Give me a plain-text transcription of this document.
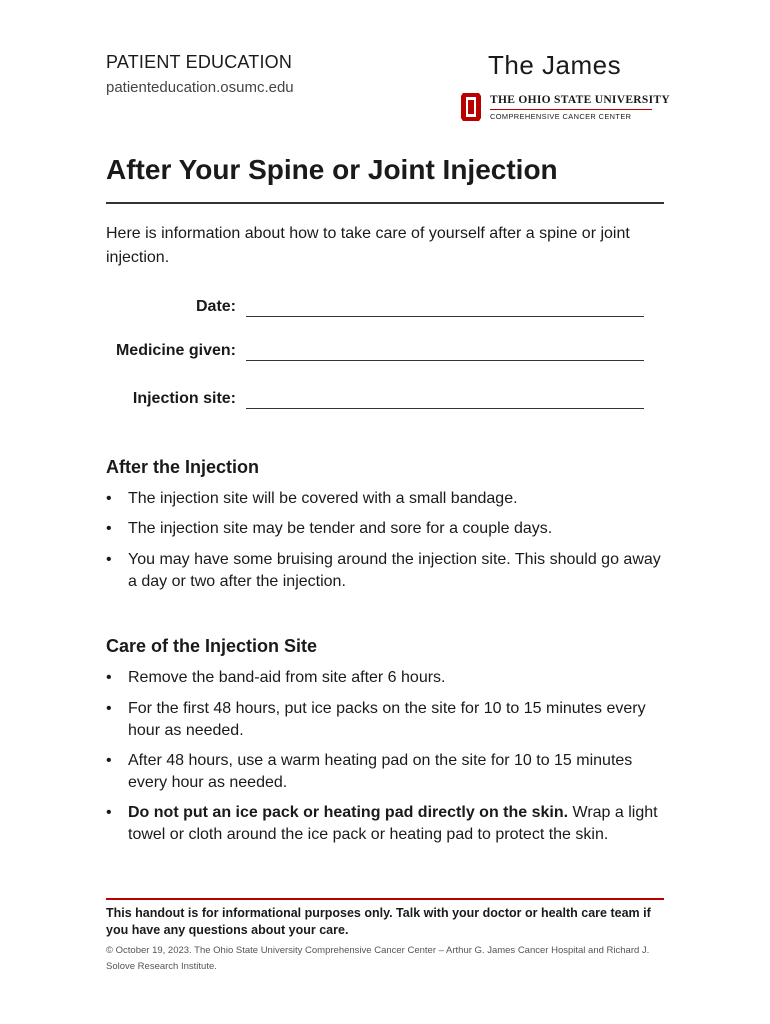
PATIENT EDUCATION
patienteducation.osumc.edu
The James
THE OHIO STATE UNIVERSITY
COMPREHENSIVE CANCER CENTER
After Your Spine or Joint Injection

Here is information about how to take care of yourself after a spine or joint injection.

Date:
Medicine given:
Injection site:
After the Injection
• The injection site will be covered with a small bandage.
• The injection site may be tender and sore for a couple days.
• You may have some bruising around the injection site. This should go away a day or two after the injection.
Care of the Injection Site
• Remove the band-aid from site after 6 hours.
• For the first 48 hours, put ice packs on the site for 10 to 15 minutes every hour as needed.
• After 48 hours, use a warm heating pad on the site for 10 to 15 minutes every hour as needed.
• Do not put an ice pack or heating pad directly on the skin. Wrap a light towel or cloth around the ice pack or heating pad to protect the skin.
This handout is for informational purposes only. Talk with your doctor or health care team if you have any questions about your care.
© October 19, 2023. The Ohio State University Comprehensive Cancer Center – Arthur G. James Cancer Hospital and Richard J. Solove Research Institute.
